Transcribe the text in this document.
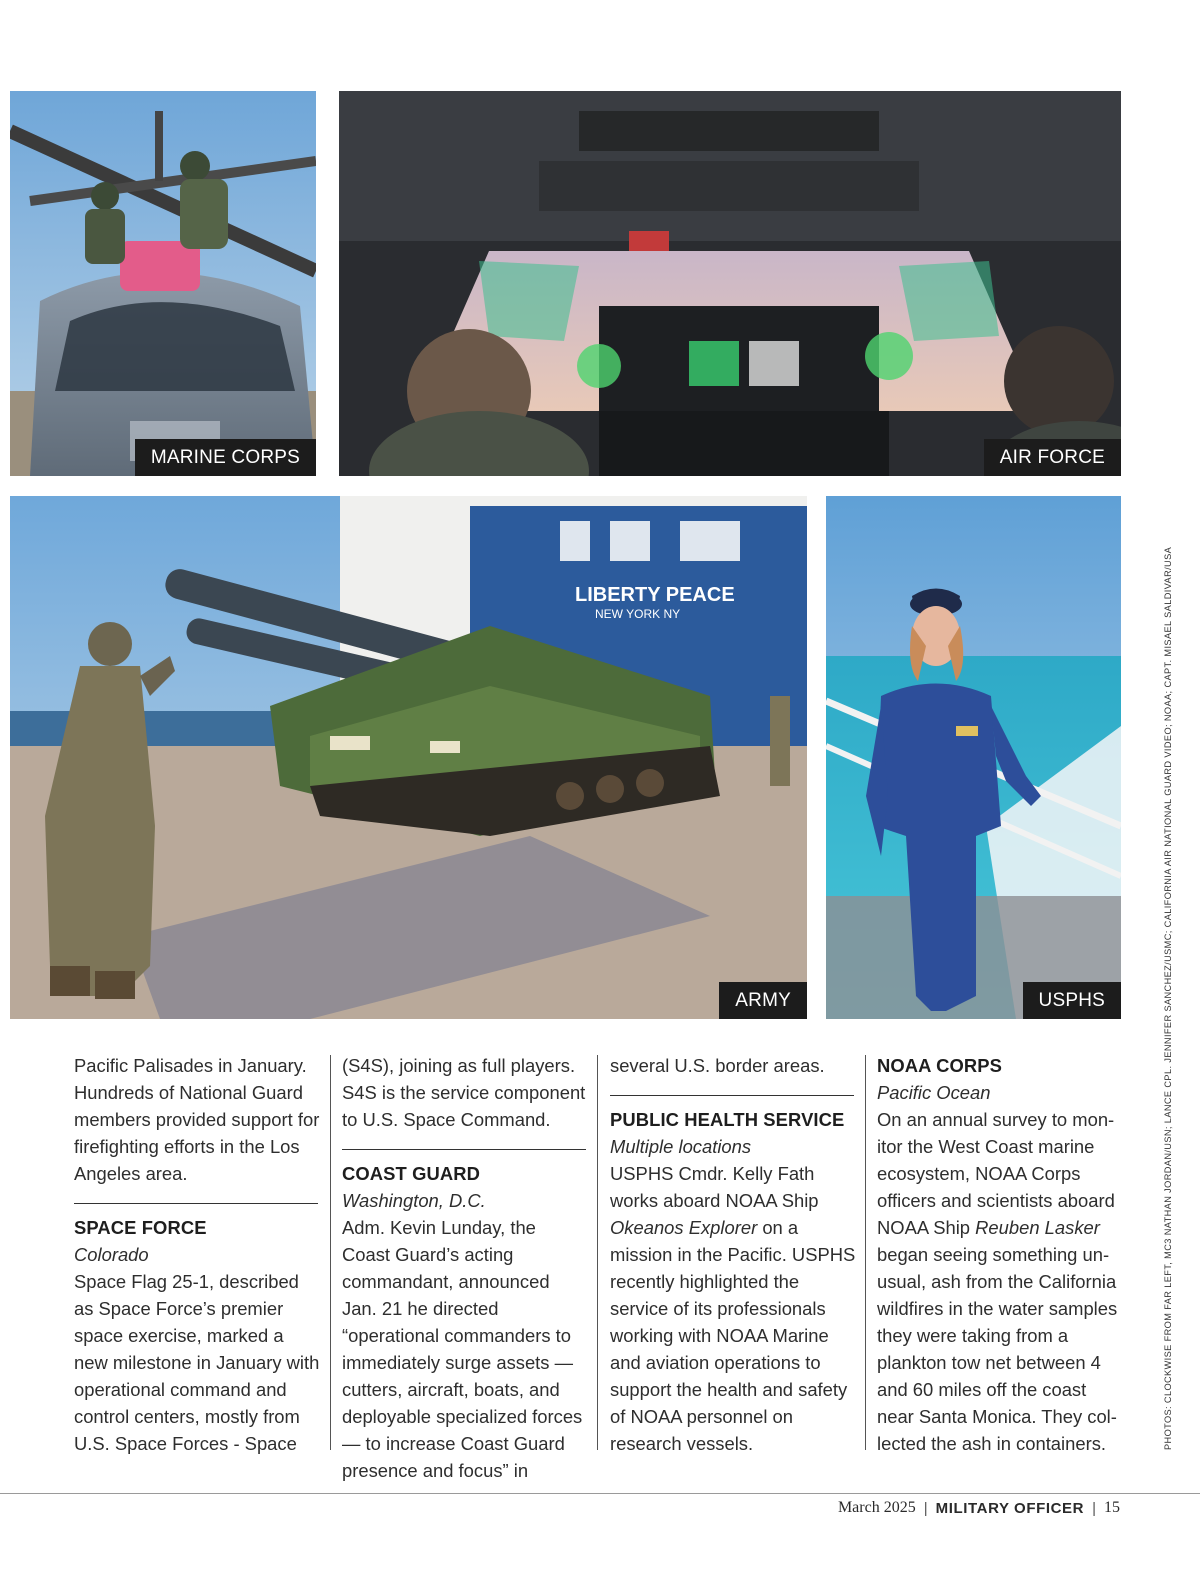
MARINE CORPS	AIR FORCE
LIBERTY PEACE
NEW YORK NY
ARMY	USPHS	PHOTOS: CLOCKWISE FROM FAR LEFT, MC3 NATHAN JORDAN/USN; LANCE CPL. JENNIFER SANCHEZ/USMC; CALIFORNIA AIR NATIONAL GUARD VIDEO; NOAA; CAPT. MISAEL SALDIVAR/USA

Pacific Palisades in January. Hundreds of National Guard members provided support for firefighting efforts in the Los Angeles area.

SPACE FORCE

Colorado

Space Flag 25-1, described as Space Force’s premier space exercise, marked a new milestone in January with operational command and control centers, mostly from U.S. Space Forces - Space

(S4S), joining as full players. S4S is the service component to U.S. Space Command.

COAST GUARD

Washington, D.C.

Adm. Kevin Lunday, the Coast Guard’s acting commandant, announced Jan. 21 he directed “operational commanders to immediately surge assets — cutters, aircraft, boats, and deployable specialized forces — to increase Coast Guard presence and focus” in

several U.S. border areas.

PUBLIC HEALTH SERVICE

Multiple locations

USPHS Cmdr. Kelly Fath works aboard NOAA Ship Okeanos Explorer on a mission in the Pacific. USPHS recently highlighted the service of its professionals working with NOAA Marine and aviation operations to support the health and safety of NOAA personnel on research vessels.

NOAA CORPS

Pacific Ocean

On an annual survey to monitor the West Coast marine ecosystem, NOAA Corps officers and scientists aboard NOAA Ship Reuben Lasker began seeing something unusual, ash from the California wildfires in the water samples they were taking from a plankton tow net between 4 and 60 miles off the coast near Santa Monica. They collected the ash in containers.

March 2025 | MILITARY OFFICER | 15
